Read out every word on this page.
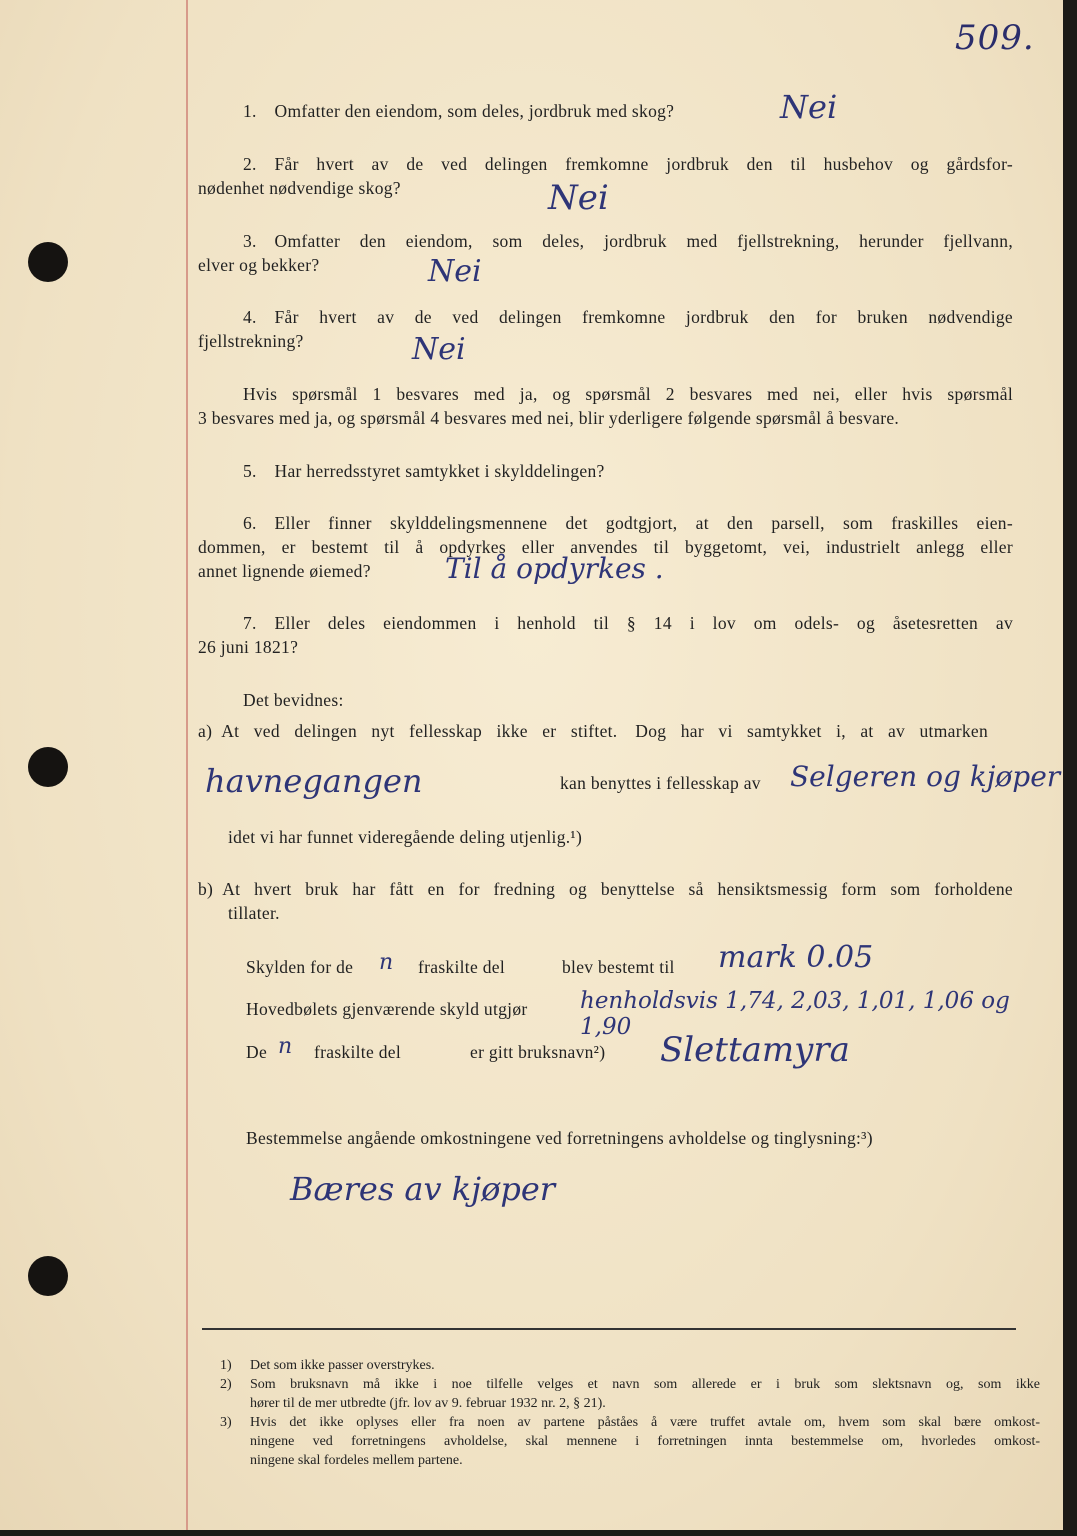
509.
1. Omfatter den eiendom, som deles, jordbruk med skog?	Nei
2. Får hvert av de ved delingen fremkomne jordbruk den til husbehov og gårdsfor-
nødenhet nødvendige skog?	Nei
3. Omfatter den eiendom, som deles, jordbruk med fjellstrekning, herunder fjellvann,
elver og bekker?	Nei
4. Får hvert av de ved delingen fremkomne jordbruk den for bruken nødvendige
fjellstrekning?	Nei
Hvis spørsmål 1 besvares med ja, og spørsmål 2 besvares med nei, eller hvis spørsmål
3 besvares med ja, og spørsmål 4 besvares med nei, blir yderligere følgende spørsmål å besvare.
5. Har herredsstyret samtykket i skylddelingen?
6. Eller finner skylddelingsmennene det godtgjort, at den parsell, som fraskilles eien-
dommen, er bestemt til å opdyrkes eller anvendes til byggetomt, vei, industrielt anlegg eller
annet lignende øiemed?	Til å opdyrkes .
7. Eller deles eiendommen i henhold til § 14 i lov om odels- og åsetesretten av
26 juni 1821?
Det bevidnes:
a) At ved delingen nyt fellesskap ikke er stiftet. Dog har vi samtykket i, at av utmarken
havnegangen	kan benyttes i fellesskap av Selgeren og kjøper
idet vi har funnet videregående deling utjenlig.¹)
b) At hvert bruk har fått en for fredning og benyttelse så hensiktsmessig form som forholdene
tillater.
Skylden for de n fraskilte del	blev bestemt til mark 0.05
Hovedbølets gjenværende skyld utgjør henholdsvis 1,74, 2,03, 1,01, 1,06 og 1,90
De n fraskilte del	er gitt bruksnavn²) Slettamyra
Bestemmelse angående omkostningene ved forretningens avholdelse og tinglysning:³)
Bæres av kjøper
1) Det som ikke passer overstrykes.
2) Som bruksnavn må ikke i noe tilfelle velges et navn som allerede er i bruk som slektsnavn og, som ikke
hører til de mer utbredte (jfr. lov av 9. februar 1932 nr. 2, § 21).
3) Hvis det ikke oplyses eller fra noen av partene påståes å være truffet avtale om, hvem som skal bære omkost-
ningene ved forretningens avholdelse, skal mennene i forretningen innta bestemmelse om, hvorledes omkost-
ningene skal fordeles mellem partene.
